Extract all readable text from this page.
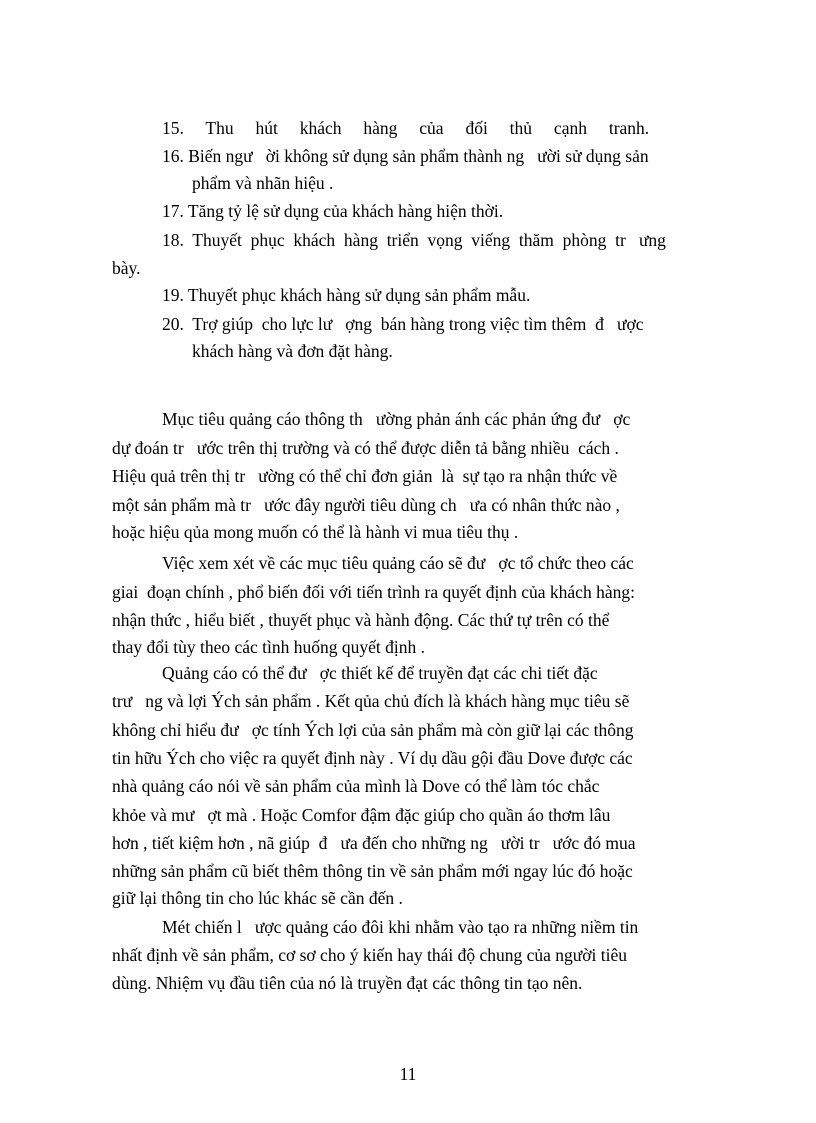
15.     Thu     hút     khách     hàng     của     đối     thủ     cạnh     tranh.
16. Biến ngư   ời không sử dụng sản phẩm thành ng   ười sử dụng sản
phẩm và nhãn hiệu .
17. Tăng tỷ lệ sử dụng của khách hàng hiện thời.
18.  Thuyết  phục  khách  hàng  triển  vọng  viếng  thăm  phòng  tr   ưng
bày.
19. Thuyết phục khách hàng sử dụng sản phẩm mẫu.
20.  Trợ giúp  cho lực lư   ợng  bán hàng trong việc tìm thêm  đ   ược
khách hàng và đơn đặt hàng.
Mục tiêu quảng cáo thông th   ường phản ánh các phản ứng đư   ợc
dự đoán tr   ước trên thị trường và có thể được diễn tả bằng nhiều  cách .
Hiệu quả trên thị tr   ường có thể chỉ đơn giản  là  sự tạo ra nhận thức về
một sản phẩm mà tr   ước đây người tiêu dùng ch   ưa có nhân thức nào ,
hoặc hiệu qủa mong muốn có thể là hành vi mua tiêu thụ .
Việc xem xét về các mục tiêu quảng cáo sẽ đư   ợc tổ chức theo các
giai  đoạn chính , phổ biến đối với tiến trình ra quyết định của khách hàng:
nhận thức , hiểu biết , thuyết phục và hành động. Các thứ tự trên có thể
thay đổi tùy theo các tình huống quyết định .
Quảng cáo có thể đư   ợc thiết kế để truyền đạt các chi tiết đặc
trư   ng và lợi Ých sản phẩm . Kết qủa chủ đích là khách hàng mục tiêu sẽ
không chỉ hiểu đư   ợc tính Ých lợi của sản phẩm mà còn giữ lại các thông
tin hữu Ých cho việc ra quyết định này . Ví dụ dầu gội đầu Dove được các
nhà quảng cáo nói về sản phẩm của mình là Dove có thể làm tóc chắc
khỏe và mư   ợt mà . Hoặc Comfor đậm đặc giúp cho quần áo thơm lâu
hơn , tiết kiệm hơn , nã giúp  đ   ưa đến cho những ng   ười tr   ước đó mua
những sản phẩm cũ biết thêm thông tin về sản phẩm mới ngay lúc đó hoặc
giữ lại thông tin cho lúc khác sẽ cần đến .
Mét chiến l   ược quảng cáo đôi khi nhằm vào tạo ra những niềm tin
nhất định về sản phẩm, cơ sơ cho ý kiến hay thái độ chung của người tiêu
dùng. Nhiệm vụ đầu tiên của nó là truyền đạt các thông tin tạo nên.
11
